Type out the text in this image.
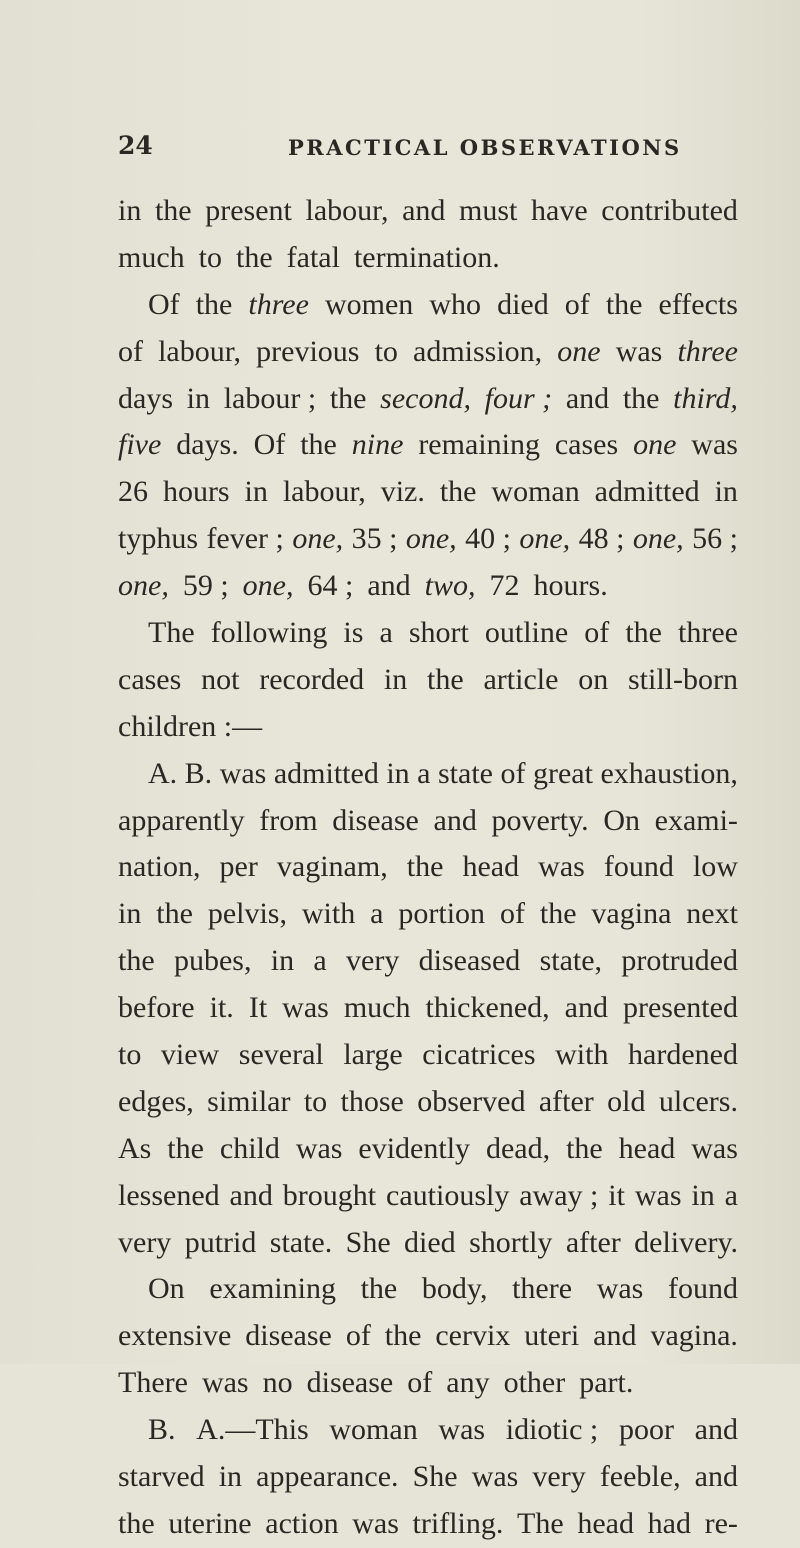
24	PRACTICAL OBSERVATIONS
in the present labour, and must have contributed
much to the fatal termination.
Of the three women who died of the effects
of labour, previous to admission, one was three
days in labour ; the second, four ; and the third,
five days. Of the nine remaining cases one was
26 hours in labour, viz. the woman admitted in
typhus fever ; one, 35 ; one, 40 ; one, 48 ; one, 56 ;
one, 59 ; one, 64 ; and two, 72 hours.
The following is a short outline of the three
cases not recorded in the article on still-born
children :—
A. B. was admitted in a state of great exhaustion,
apparently from disease and poverty. On exami-
nation, per vaginam, the head was found low
in the pelvis, with a portion of the vagina next
the pubes, in a very diseased state, protruded
before it. It was much thickened, and presented
to view several large cicatrices with hardened
edges, similar to those observed after old ulcers.
As the child was evidently dead, the head was
lessened and brought cautiously away ; it was in a
very putrid state. She died shortly after delivery.
On examining the body, there was found
extensive disease of the cervix uteri and vagina.
There was no disease of any other part.
B. A.—This woman was idiotic ; poor and
starved in appearance. She was very feeble, and
the uterine action was trifling. The head had re-
